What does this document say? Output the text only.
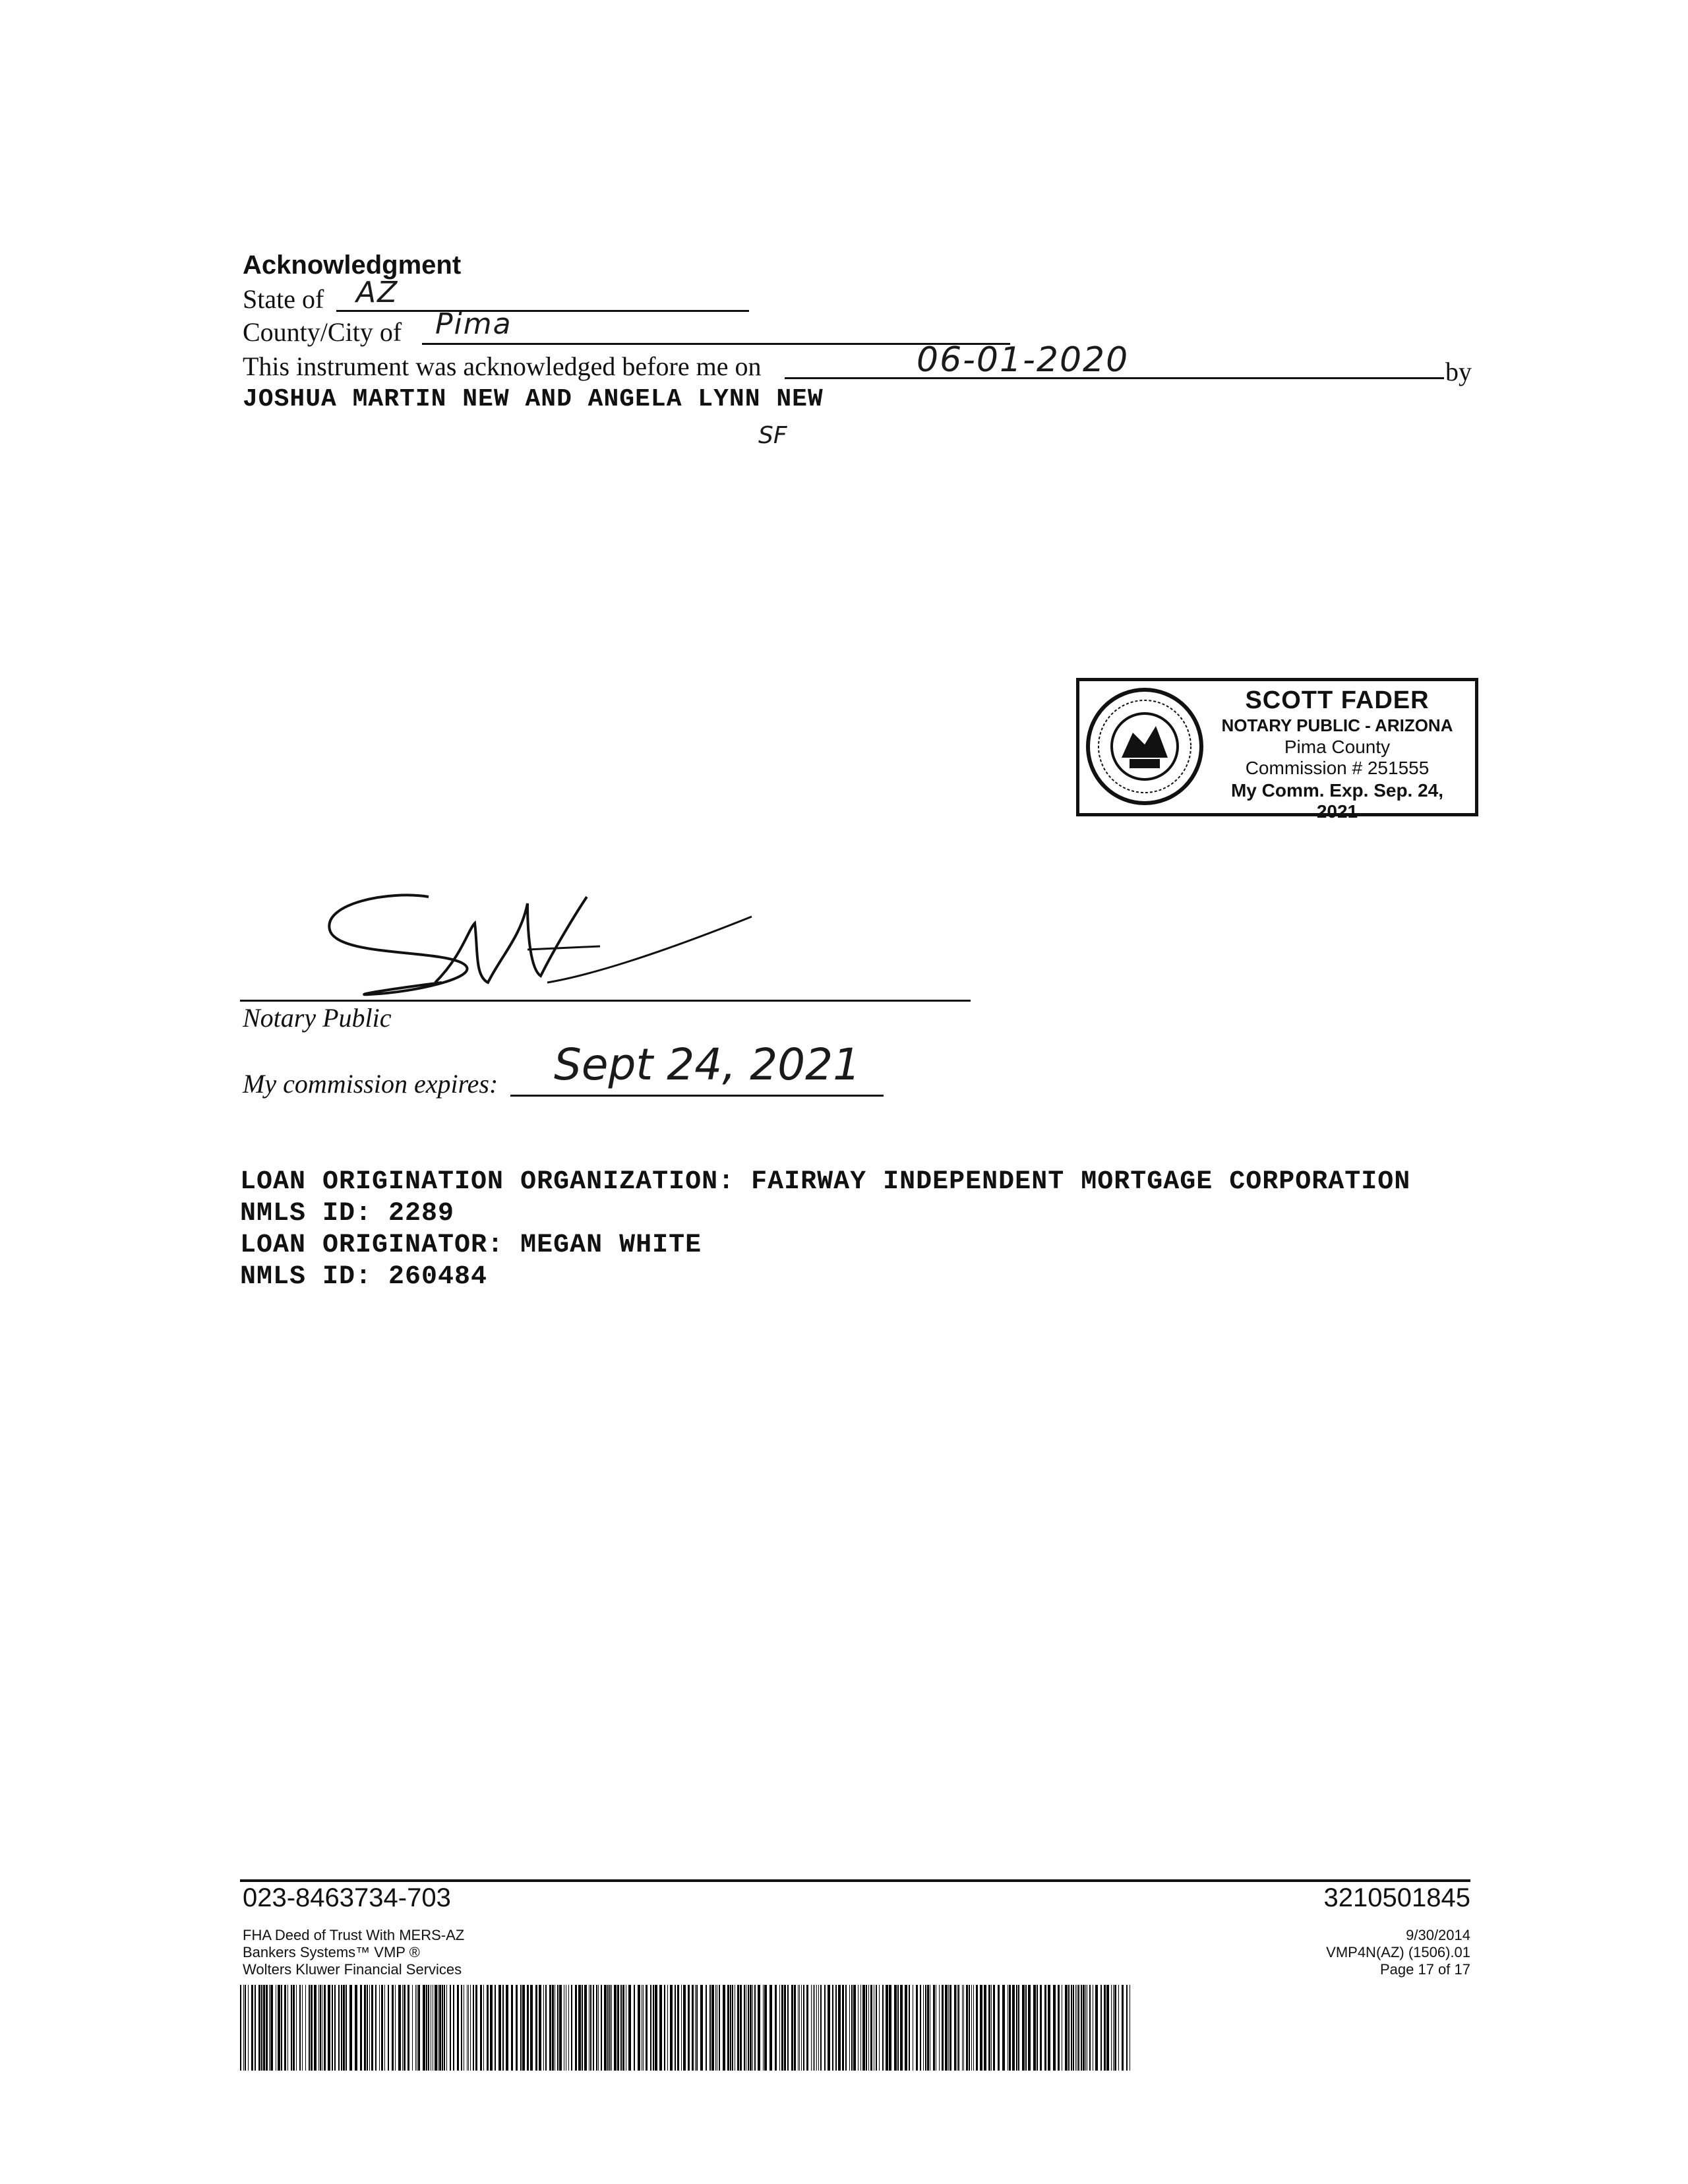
Acknowledgment
State of AZ
County/City of Pima
This instrument was acknowledged before me on	06-01-2020	by
JOSHUA MARTIN NEW AND ANGELA LYNN NEW
SF
SCOTT FADER
NOTARY PUBLIC - ARIZONA
Pima County
Commission # 251555
My Comm. Exp. Sep. 24, 2021
Notary Public
My commission expires: Sept 24, 2021
LOAN ORIGINATION ORGANIZATION: FAIRWAY INDEPENDENT MORTGAGE CORPORATION
NMLS ID: 2289
LOAN ORIGINATOR: MEGAN WHITE
NMLS ID: 260484
023-8463734-703	3210501845
FHA Deed of Trust With MERS-AZ
Bankers Systems™ VMP ®
Wolters Kluwer Financial Services
9/30/2014
VMP4N(AZ) (1506).01
Page 17 of 17
